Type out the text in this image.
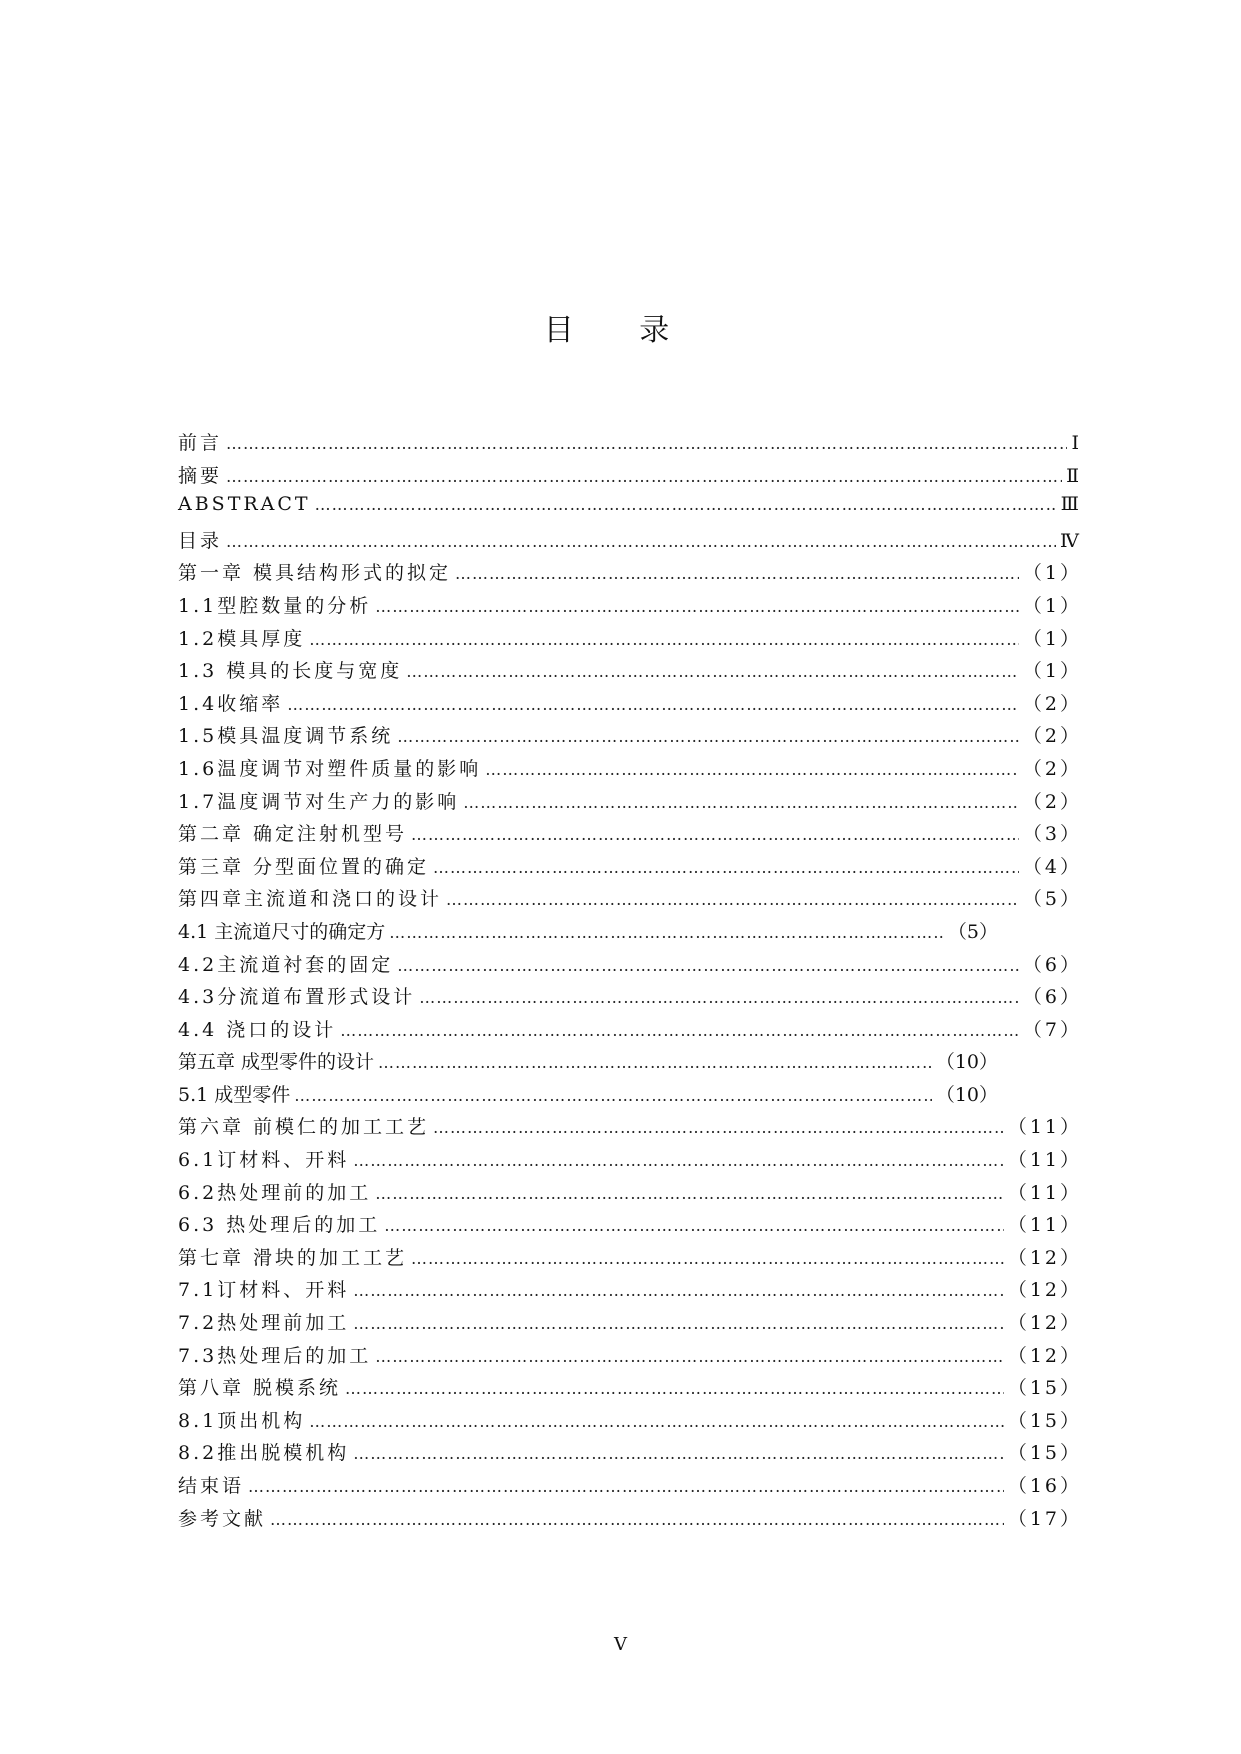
目 录
前言 …………………………………………………………………………………………………………………………………………………………………………………………………	Ⅰ
摘要 …………………………………………………………………………………………………………………………………………………………………………………………………	Ⅱ
ABSTRACT …………………………………………………………………………………………………………………………………………………………………………………………………	Ⅲ
目录 …………………………………………………………………………………………………………………………………………………………………………………………………	Ⅳ
第一章 模具结构形式的拟定 …………………………………………………………………………………………………………………………………………………………………………………………………	（1）
1.1型腔数量的分析 …………………………………………………………………………………………………………………………………………………………………………………………………	（1）
1.2模具厚度 …………………………………………………………………………………………………………………………………………………………………………………………………	（1）
1.3 模具的长度与宽度 …………………………………………………………………………………………………………………………………………………………………………………………………	（1）
1.4收缩率 …………………………………………………………………………………………………………………………………………………………………………………………………	（2）
1.5模具温度调节系统 …………………………………………………………………………………………………………………………………………………………………………………………………	（2）
1.6温度调节对塑件质量的影响 …………………………………………………………………………………………………………………………………………………………………………………………………	（2）
1.7温度调节对生产力的影响 …………………………………………………………………………………………………………………………………………………………………………………………………	（2）
第二章 确定注射机型号 …………………………………………………………………………………………………………………………………………………………………………………………………	（3）
第三章 分型面位置的确定 …………………………………………………………………………………………………………………………………………………………………………………………………	（4）
第四章主流道和浇口的设计 …………………………………………………………………………………………………………………………………………………………………………………………………	（5）
4.1 主流道尺寸的确定方 …………………………………………………………………………………………………………………………………………………………………………………………………	（5）
4.2主流道衬套的固定 …………………………………………………………………………………………………………………………………………………………………………………………………	（6）
4.3分流道布置形式设计 …………………………………………………………………………………………………………………………………………………………………………………………………	（6）
4.4 浇口的设计 …………………………………………………………………………………………………………………………………………………………………………………………………	（7）
第五章 成型零件的设计 …………………………………………………………………………………………………………………………………………………………………………………………………	（10）
5.1 成型零件 …………………………………………………………………………………………………………………………………………………………………………………………………	（10）
第六章 前模仁的加工工艺 …………………………………………………………………………………………………………………………………………………………………………………………………	（11）
6.1订材料、开料 …………………………………………………………………………………………………………………………………………………………………………………………………	（11）
6.2热处理前的加工 …………………………………………………………………………………………………………………………………………………………………………………………………	（11）
6.3 热处理后的加工 …………………………………………………………………………………………………………………………………………………………………………………………………	（11）
第七章 滑块的加工工艺 …………………………………………………………………………………………………………………………………………………………………………………………………	（12）
7.1订材料、开料 …………………………………………………………………………………………………………………………………………………………………………………………………	（12）
7.2热处理前加工 …………………………………………………………………………………………………………………………………………………………………………………………………	（12）
7.3热处理后的加工 …………………………………………………………………………………………………………………………………………………………………………………………………	（12）
第八章 脱模系统 …………………………………………………………………………………………………………………………………………………………………………………………………	（15）
8.1顶出机构 …………………………………………………………………………………………………………………………………………………………………………………………………	（15）
8.2推出脱模机构 …………………………………………………………………………………………………………………………………………………………………………………………………	（15）
结束语 …………………………………………………………………………………………………………………………………………………………………………………………………	（16）
参考文献 …………………………………………………………………………………………………………………………………………………………………………………………………	（17）
V
